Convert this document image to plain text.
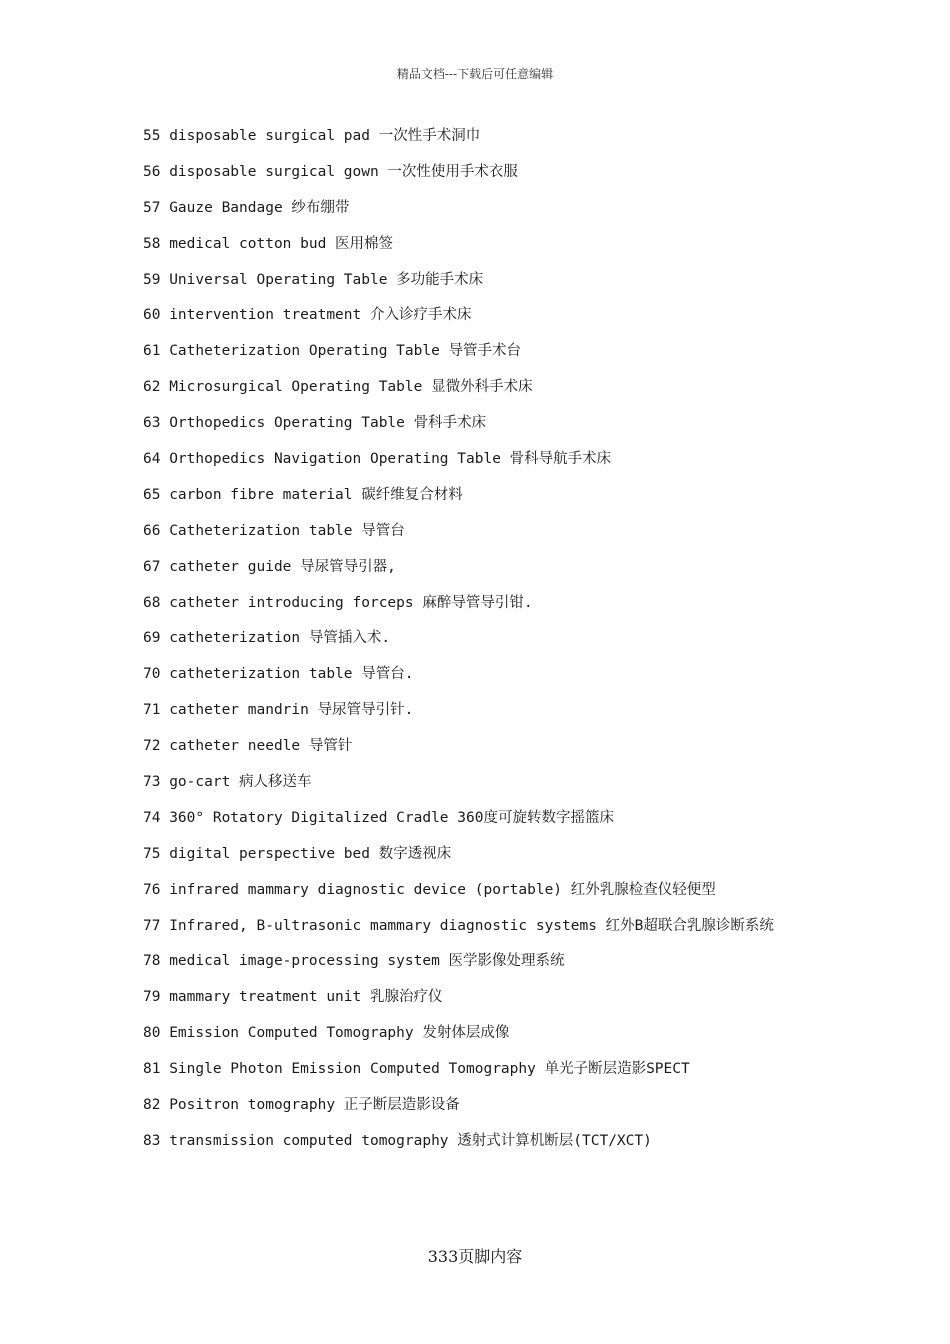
精品文档---下载后可任意编辑
55 disposable surgical pad 一次性手术洞巾
56 disposable surgical gown 一次性使用手术衣服
57 Gauze Bandage 纱布绷带
58 medical cotton bud 医用棉签
59 Universal Operating Table 多功能手术床
60 intervention treatment 介入诊疗手术床
61 Catheterization Operating Table 导管手术台
62 Microsurgical Operating Table 显微外科手术床
63 Orthopedics Operating Table 骨科手术床
64 Orthopedics Navigation Operating Table 骨科导航手术床
65 carbon fibre material 碳纤维复合材料
66 Catheterization table 导管台
67 catheter guide 导尿管导引器,
68 catheter introducing forceps 麻醉导管导引钳.
69 catheterization 导管插入术.
70 catheterization table 导管台.
71 catheter mandrin 导尿管导引针.
72 catheter needle 导管针
73 go-cart 病人移送车
74 360° Rotatory Digitalized Cradle 360度可旋转数字摇篮床
75 digital perspective bed 数字透视床
76 infrared mammary diagnostic device (portable) 红外乳腺检查仪轻便型
77 Infrared, B-ultrasonic mammary diagnostic systems 红外B超联合乳腺诊断系统
78 medical image-processing system 医学影像处理系统
79 mammary treatment unit 乳腺治疗仪
80 Emission Computed Tomography 发射体层成像
81 Single Photon Emission Computed Tomography 单光子断层造影SPECT
82 Positron tomography 正子断层造影设备
83 transmission computed tomography 透射式计算机断层(TCT/XCT)
333页脚内容
